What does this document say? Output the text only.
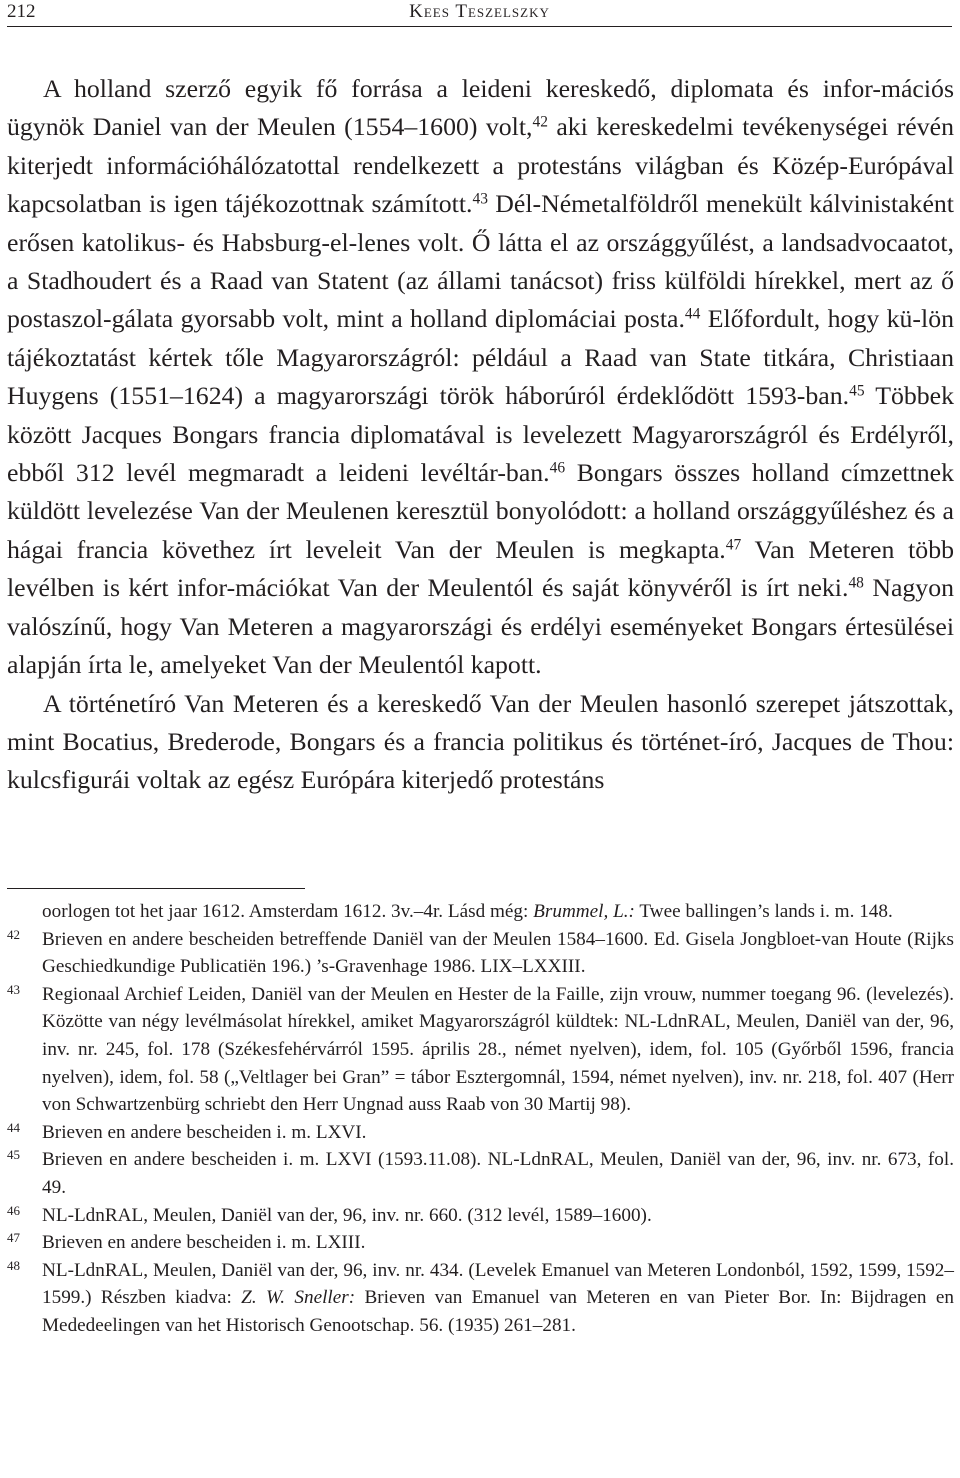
212	Kees Teszelszky

A holland szerző egyik fő forrása a leideni kereskedő, diplomata és infor-mációs ügynök Daniel van der Meulen (1554–1600) volt,$^{42}$ aki kereskedelmi tevékenységei révén kiterjedt információhálózatottal rendelkezett a protestáns világban és Közép-Európával kapcsolatban is igen tájékozottnak számított.$^{43}$ Dél-Németalföldről menekült kálvinistaként erősen katolikus- és Habsburg-el-lenes volt. Ő látta el az országgyűlést, a landsadvocaatot, a Stadhoudert és a Raad van Statent (az állami tanácsot) friss külföldi hírekkel, mert az ő postaszol-gálata gyorsabb volt, mint a holland diplomáciai posta.$^{44}$ Előfordult, hogy kü-lön tájékoztatást kértek tőle Magyarországról: például a Raad van State titkára, Christiaan Huygens (1551–1624) a magyarországi török háborúról érdeklődött 1593-ban.$^{45}$ Többek között Jacques Bongars francia diplomatával is levelezett Magyarországról és Erdélyről, ebből 312 levél megmaradt a leideni levéltár-ban.$^{46}$ Bongars összes holland címzettnek küldött levelezése Van der Meulenen keresztül bonyolódott: a holland országgyűléshez és a hágai francia követhez írt leveleit Van der Meulen is megkapta.$^{47}$ Van Meteren több levélben is kért infor-mációkat Van der Meulentól és saját könyvéről is írt neki.$^{48}$ Nagyon valószínű, hogy Van Meteren a magyarországi és erdélyi eseményeket Bongars értesülései alapján írta le, amelyeket Van der Meulentól kapott.

A történetíró Van Meteren és a kereskedő Van der Meulen hasonló szerepet játszottak, mint Bocatius, Brederode, Bongars és a francia politikus és történet-író, Jacques de Thou: kulcsfigurái voltak az egész Európára kiterjedő protestáns

oorlogen tot het jaar 1612. Amsterdam 1612. 3v.–4r. Lásd még: Brummel, L.: Twee ballingen’s lands i. m. 148.
42 Brieven en andere bescheiden betreffende Daniël van der Meulen 1584–1600. Ed. Gisela Jongbloet-van Houte (Rijks Geschiedkundige Publicatiën 196.) ’s-Gravenhage 1986. LIX–LXXIII.
43 Regionaal Archief Leiden, Daniël van der Meulen en Hester de la Faille, zijn vrouw, nummer toegang 96. (levelezés). Közötte van négy levélmásolat hírekkel, amiket Magyarországról küldtek: NL-LdnRAL, Meulen, Daniël van der, 96, inv. nr. 245, fol. 178 (Székesfehérvárról 1595. április 28., német nyelven), idem, fol. 105 (Győrből 1596, francia nyelven), idem, fol. 58 („Veltlager bei Gran” = tábor Esztergomnál, 1594, német nyelven), inv. nr. 218, fol. 407 (Herr von Schwartzenbürg schriebt den Herr Ungnad auss Raab von 30 Martij 98).
44 Brieven en andere bescheiden i. m. LXVI.
45 Brieven en andere bescheiden i. m. LXVI (1593.11.08). NL-LdnRAL, Meulen, Daniël van der, 96, inv. nr. 673, fol. 49.
46 NL-LdnRAL, Meulen, Daniël van der, 96, inv. nr. 660. (312 levél, 1589–1600).
47 Brieven en andere bescheiden i. m. LXIII.
48 NL-LdnRAL, Meulen, Daniël van der, 96, inv. nr. 434. (Levelek Emanuel van Meteren Londonból, 1592, 1599, 1592–1599.) Részben kiadva: Z. W. Sneller: Brieven van Emanuel van Meteren en van Pieter Bor. In: Bijdragen en Mededeelingen van het Historisch Genootschap. 56. (1935) 261–281.
